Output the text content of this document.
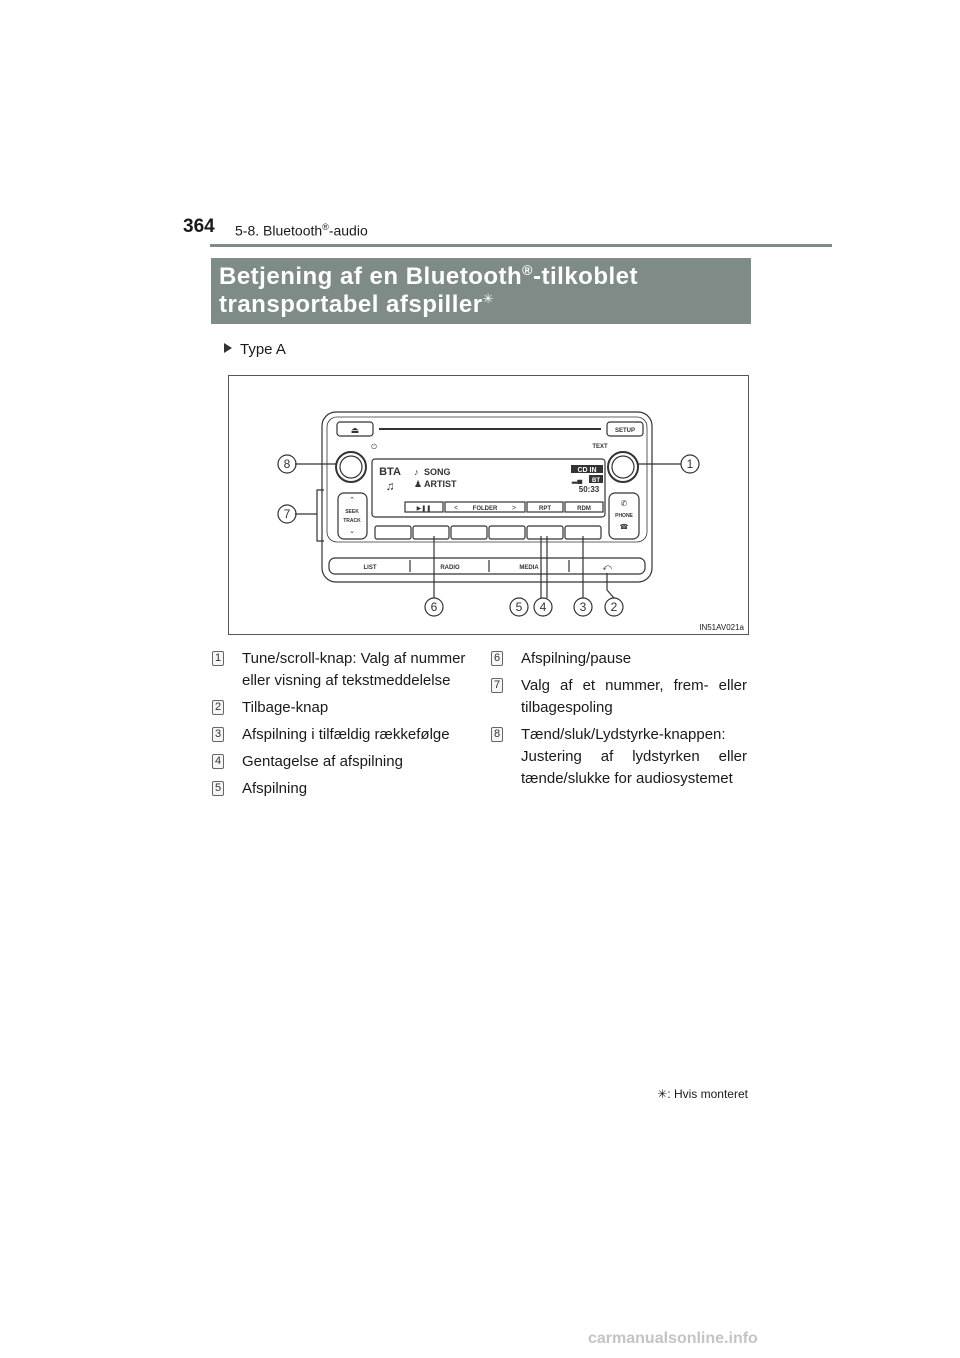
364 5-8. Bluetooth®-audio
Betjening af en Bluetooth®-tilkoblet
transportabel afspiller✳
Type A
⏏	SETUP
⏻	TEXT
⌃
SEEK
TRACK
⌄
✆
PHONE
☎
BTA
♫
♪ SONG
♟ ARTIST
CD IN
BT
▂▄
50:33
▶❚❚	< FOLDER >	RPT	RDM
LIST	RADIO	MEDIA	⤺
8
7
1
6	5 4	3 2
IN51AV021a
1 Tune/scroll-knap: Valg af nummer eller visning af tekstmeddelelse
2 Tilbage-knap
3 Afspilning i tilfældig rækkefølge
4 Gentagelse af afspilning
5 Afspilning
6 Afspilning/pause
7 Valg af et nummer, frem- eller tilbagespoling
8 Tænd/sluk/Lydstyrke-knappen: Justering af lydstyrken eller tænde/slukke for audiosystemet
✳: Hvis monteret
carmanualsonline.info
